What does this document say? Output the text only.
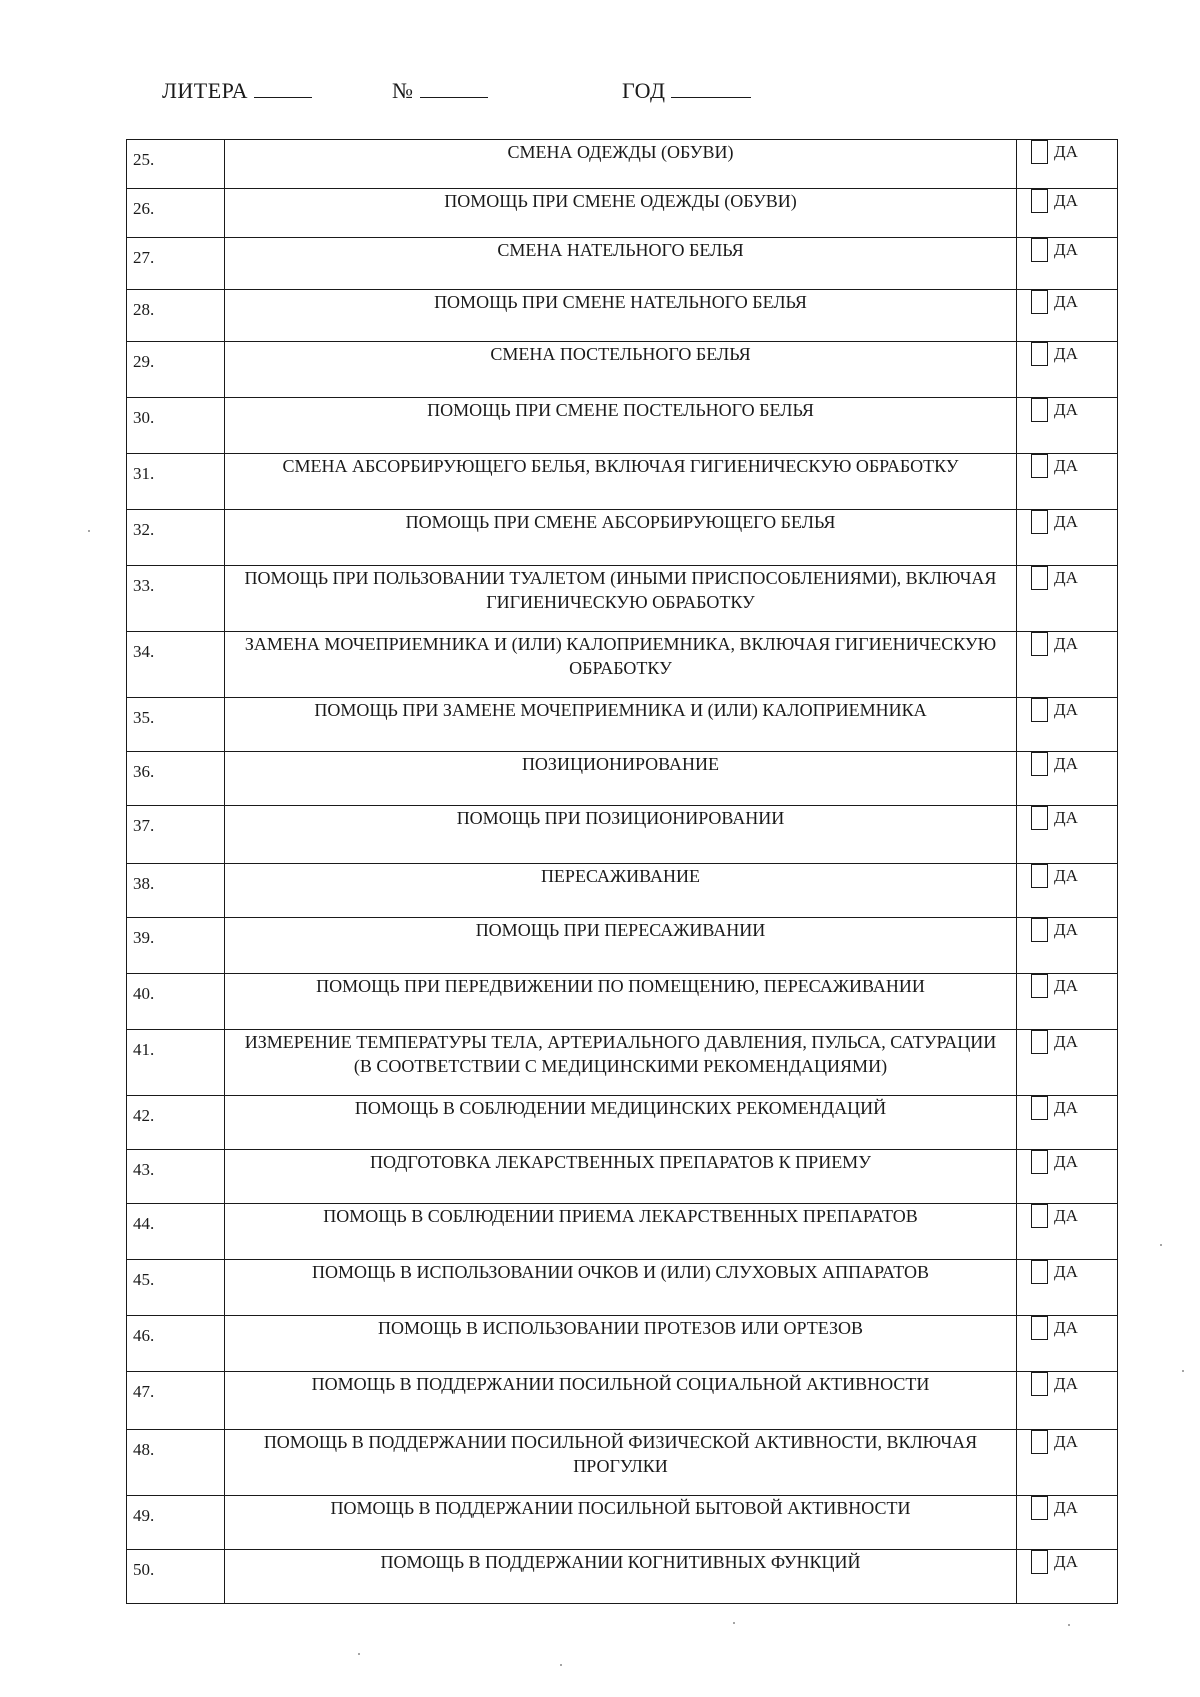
ЛИТЕРА	№	ГОД
25.	СМЕНА ОДЕЖДЫ (ОБУВИ)	ДА
26.	ПОМОЩЬ ПРИ СМЕНЕ ОДЕЖДЫ (ОБУВИ)	ДА
27.	СМЕНА НАТЕЛЬНОГО БЕЛЬЯ	ДА
28.	ПОМОЩЬ ПРИ СМЕНЕ НАТЕЛЬНОГО БЕЛЬЯ	ДА
29.	СМЕНА ПОСТЕЛЬНОГО БЕЛЬЯ	ДА
30.	ПОМОЩЬ ПРИ СМЕНЕ ПОСТЕЛЬНОГО БЕЛЬЯ	ДА
31.	СМЕНА АБСОРБИРУЮЩЕГО БЕЛЬЯ, ВКЛЮЧАЯ ГИГИЕНИЧЕСКУЮ ОБРАБОТКУ	ДА
32.	ПОМОЩЬ ПРИ СМЕНЕ АБСОРБИРУЮЩЕГО БЕЛЬЯ	ДА
33.	ПОМОЩЬ ПРИ ПОЛЬЗОВАНИИ ТУАЛЕТОМ (ИНЫМИ ПРИСПОСОБЛЕНИЯМИ), ВКЛЮЧАЯ ГИГИЕНИЧЕСКУЮ ОБРАБОТКУ	ДА
34.	ЗАМЕНА МОЧЕПРИЕМНИКА И (ИЛИ) КАЛОПРИЕМНИКА, ВКЛЮЧАЯ ГИГИЕНИЧЕСКУЮ ОБРАБОТКУ	ДА
35.	ПОМОЩЬ ПРИ ЗАМЕНЕ МОЧЕПРИЕМНИКА И (ИЛИ) КАЛОПРИЕМНИКА	ДА
36.	ПОЗИЦИОНИРОВАНИЕ	ДА
37.	ПОМОЩЬ ПРИ ПОЗИЦИОНИРОВАНИИ	ДА
38.	ПЕРЕСАЖИВАНИЕ	ДА
39.	ПОМОЩЬ ПРИ ПЕРЕСАЖИВАНИИ	ДА
40.	ПОМОЩЬ ПРИ ПЕРЕДВИЖЕНИИ ПО ПОМЕЩЕНИЮ, ПЕРЕСАЖИВАНИИ	ДА
41.	ИЗМЕРЕНИЕ ТЕМПЕРАТУРЫ ТЕЛА, АРТЕРИАЛЬНОГО ДАВЛЕНИЯ, ПУЛЬСА, САТУРАЦИИ (В СООТВЕТСТВИИ С МЕДИЦИНСКИМИ РЕКОМЕНДАЦИЯМИ)	ДА
42.	ПОМОЩЬ В СОБЛЮДЕНИИ МЕДИЦИНСКИХ РЕКОМЕНДАЦИЙ	ДА
43.	ПОДГОТОВКА ЛЕКАРСТВЕННЫХ ПРЕПАРАТОВ К ПРИЕМУ	ДА
44.	ПОМОЩЬ В СОБЛЮДЕНИИ ПРИЕМА ЛЕКАРСТВЕННЫХ ПРЕПАРАТОВ	ДА
45.	ПОМОЩЬ В ИСПОЛЬЗОВАНИИ ОЧКОВ И (ИЛИ) СЛУХОВЫХ АППАРАТОВ	ДА
46.	ПОМОЩЬ В ИСПОЛЬЗОВАНИИ ПРОТЕЗОВ ИЛИ ОРТЕЗОВ	ДА
47.	ПОМОЩЬ В ПОДДЕРЖАНИИ ПОСИЛЬНОЙ СОЦИАЛЬНОЙ АКТИВНОСТИ	ДА
48.	ПОМОЩЬ В ПОДДЕРЖАНИИ ПОСИЛЬНОЙ ФИЗИЧЕСКОЙ АКТИВНОСТИ, ВКЛЮЧАЯ ПРОГУЛКИ	ДА
49.	ПОМОЩЬ В ПОДДЕРЖАНИИ ПОСИЛЬНОЙ БЫТОВОЙ АКТИВНОСТИ	ДА
50.	ПОМОЩЬ В ПОДДЕРЖАНИИ КОГНИТИВНЫХ ФУНКЦИЙ	ДА
